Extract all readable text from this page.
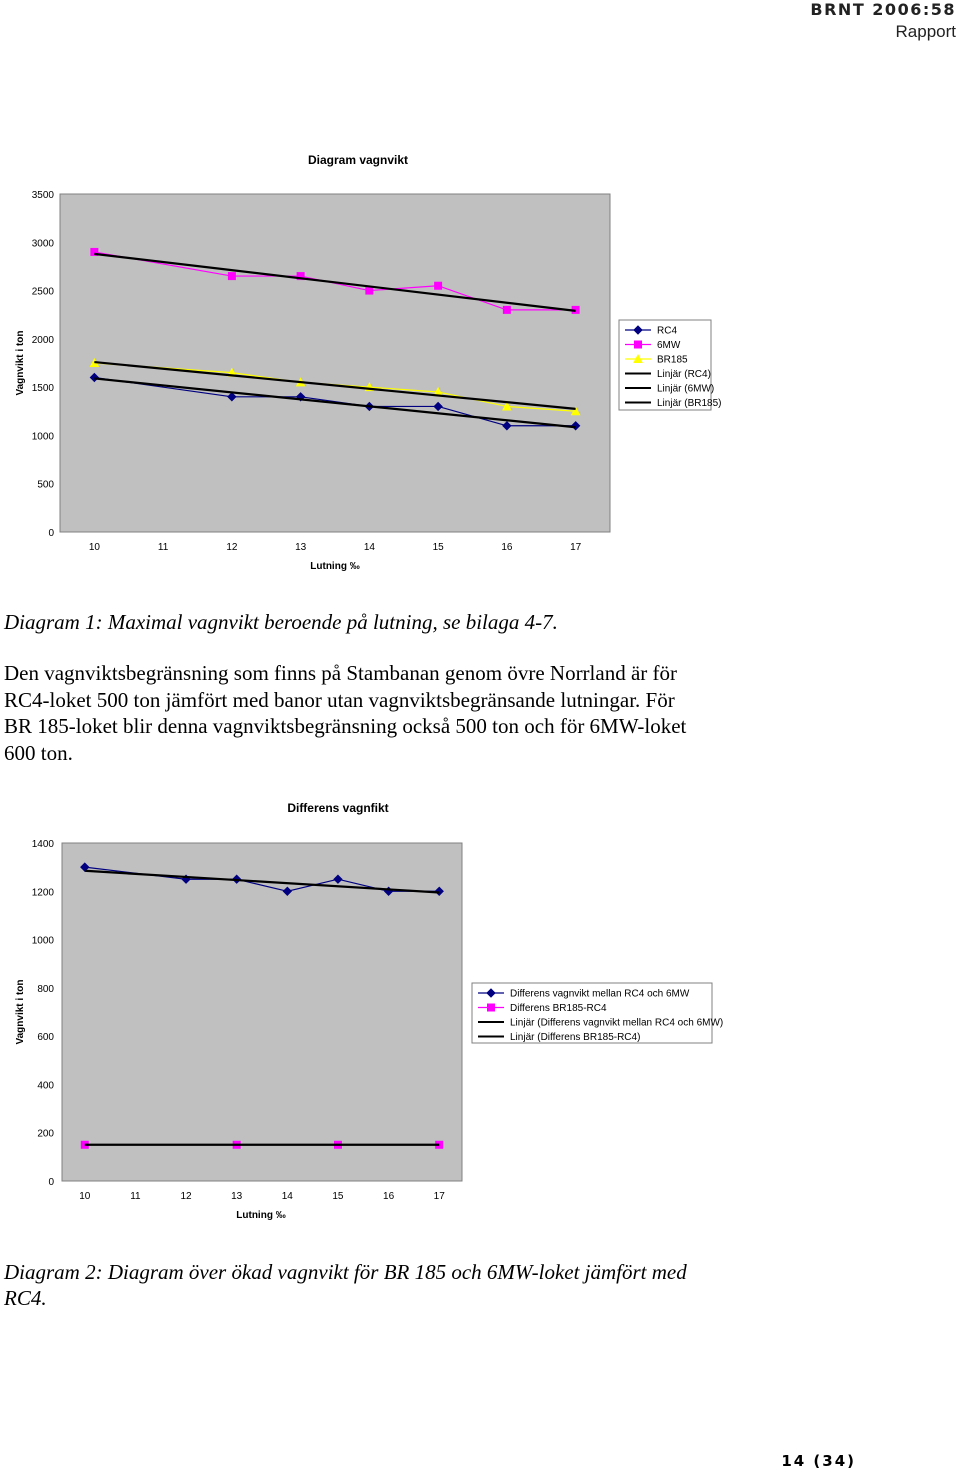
BRNT 2006:58
Rapport
Diagram vagnvikt
0
500
1000
1500
2000
2500
3000
3500
10	11	12	13	14	15	16	17
Lutning ‰
Vagnvikt i ton	RC4
6MW
BR185
Linjär (RC4)
Linjär (6MW)
Linjär (BR185)
Diagram 1: Maximal vagnvikt beroende på lutning, se bilaga 4-7.
Den vagnviktsbegränsning som finns på Stambanan genom övre Norrland är för RC4-loket 500 ton jämfört med banor utan vagnviktsbegränsande lutningar. För BR 185-loket blir denna vagnviktsbegränsning också 500 ton och för 6MW-loket 600 ton.
Differens vagnfikt
0
200
400
600
800
1000
1200
1400
10	11	12	13	14	15	16	17
Lutning ‰
Vagnvikt i ton	Differens vagnvikt mellan RC4 och 6MW
Differens BR185-RC4
Linjär (Differens vagnvikt mellan RC4 och 6MW)
Linjär (Differens BR185-RC4)
Diagram 2: Diagram över ökad vagnvikt för BR 185 och 6MW-loket jämfört med RC4.
14 (34)
